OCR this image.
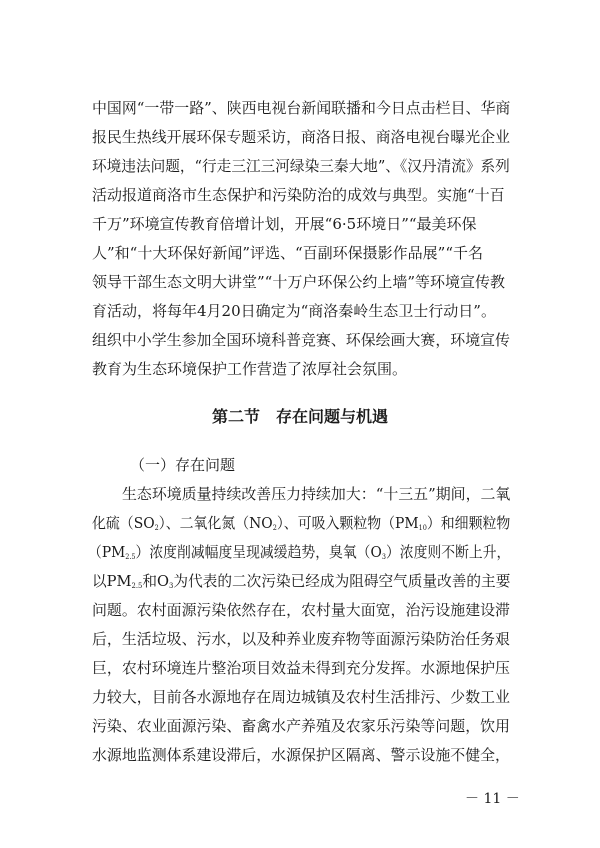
中国网“一带一路”、陕西电视台新闻联播和今日点击栏目、华商
报民生热线开展环保专题采访，商洛日报、商洛电视台曝光企业
环境违法问题，“行走三江三河绿染三秦大地”、《汉丹清流》系列
活动报道商洛市生态保护和污染防治的成效与典型。实施“十百
千万”环境宣传教育倍增计划，开展“6·5环境日”“最美环保
人”和“十大环保好新闻”评选、“百副环保摄影作品展”“千名
领导干部生态文明大讲堂”“十万户环保公约上墙”等环境宣传教
育活动，将每年4月20日确定为“商洛秦岭生态卫士行动日”。
组织中小学生参加全国环境科普竞赛、环保绘画大赛，环境宣传
教育为生态环境保护工作营造了浓厚社会氛围。
第二节　存在问题与机遇
（一）存在问题
生态环境质量持续改善压力持续加大：“十三五”期间，二氧
化硫$(SO_2)$、二氧化氮$(NO_2)$、可吸入颗粒物$(PM_{10})$和细颗粒物
$(PM_{2.5})$浓度削减幅度呈现减缓趋势，臭氧$(O_3)$浓度则不断上升，
以$PM_{2.5}$和$O_3$为代表的二次污染已经成为阻碍空气质量改善的主要
问题。农村面源污染依然存在，农村量大面宽，治污设施建设滞
后，生活垃圾、污水，以及种养业废弃物等面源污染防治任务艰
巨，农村环境连片整治项目效益未得到充分发挥。水源地保护压
力较大，目前各水源地存在周边城镇及农村生活排污、少数工业
污染、农业面源污染、畜禽水产养殖及农家乐污染等问题，饮用
水源地监测体系建设滞后，水源保护区隔离、警示设施不健全，
－ 11 －
